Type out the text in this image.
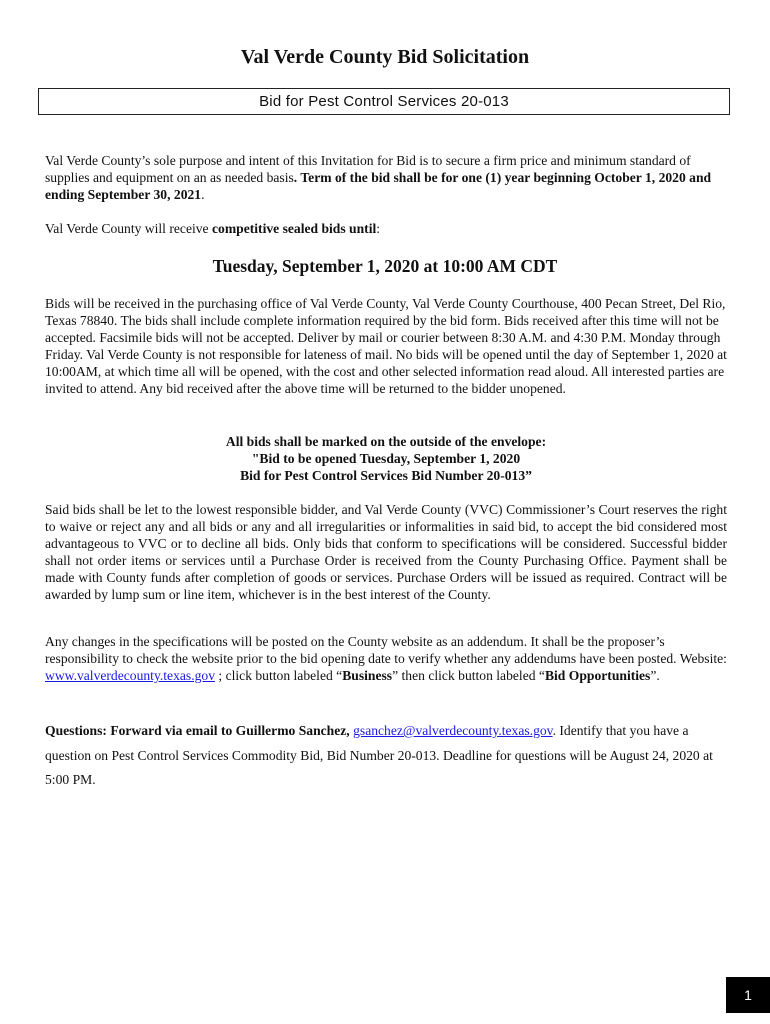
Val Verde County Bid Solicitation
Bid for Pest Control Services 20-013
Val Verde County’s sole purpose and intent of this Invitation for Bid is to secure a firm price and minimum standard of supplies and equipment on an as needed basis. Term of the bid shall be for one (1) year beginning October 1, 2020 and ending September 30, 2021.
Val Verde County will receive competitive sealed bids until:
Tuesday, September 1, 2020 at 10:00 AM CDT
Bids will be received in the purchasing office of Val Verde County, Val Verde County Courthouse, 400 Pecan Street, Del Rio, Texas 78840. The bids shall include complete information required by the bid form. Bids received after this time will not be accepted. Facsimile bids will not be accepted. Deliver by mail or courier between 8:30 A.M. and 4:30 P.M. Monday through Friday. Val Verde County is not responsible for lateness of mail. No bids will be opened until the day of September 1, 2020 at 10:00AM, at which time all will be opened, with the cost and other selected information read aloud. All interested parties are invited to attend. Any bid received after the above time will be returned to the bidder unopened.
All bids shall be marked on the outside of the envelope:
"Bid to be opened Tuesday, September 1, 2020
Bid for Pest Control Services Bid Number 20-013”
Said bids shall be let to the lowest responsible bidder, and Val Verde County (VVC) Commissioner’s Court reserves the right to waive or reject any and all bids or any and all irregularities or informalities in said bid, to accept the bid considered most advantageous to VVC or to decline all bids. Only bids that conform to specifications will be considered. Successful bidder shall not order items or services until a Purchase Order is received from the County Purchasing Office. Payment shall be made with County funds after completion of goods or services. Purchase Orders will be issued as required. Contract will be awarded by lump sum or line item, whichever is in the best interest of the County.
Any changes in the specifications will be posted on the County website as an addendum. It shall be the proposer’s responsibility to check the website prior to the bid opening date to verify whether any addendums have been posted. Website: www.valverdecounty.texas.gov ; click button labeled “Business” then click button labeled “Bid Opportunities”.
Questions: Forward via email to Guillermo Sanchez, gsanchez@valverdecounty.texas.gov. Identify that you have a question on Pest Control Services Commodity Bid, Bid Number 20-013. Deadline for questions will be August 24, 2020 at 5:00 PM.
1
